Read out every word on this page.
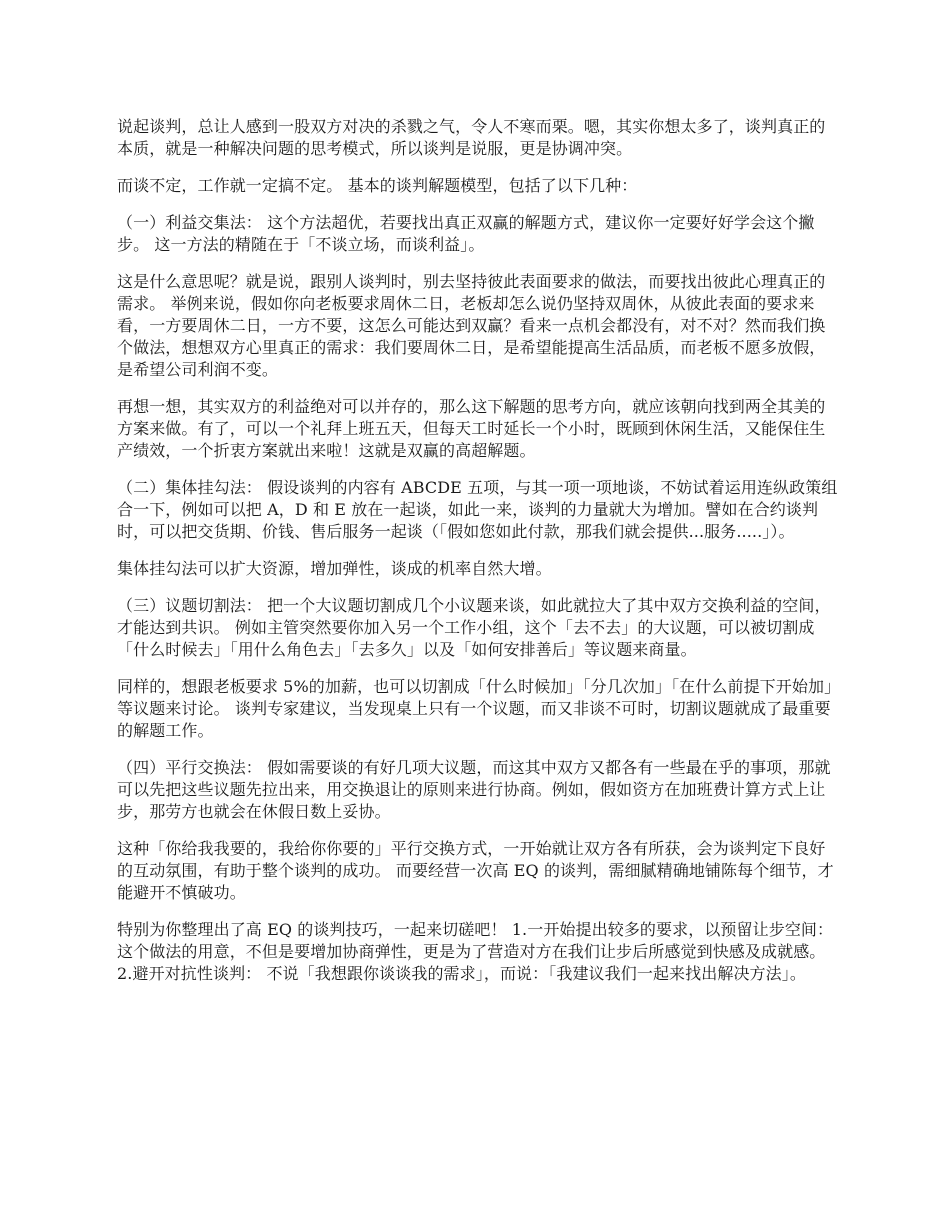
说起谈判，总让人感到一股双方对决的杀戮之气，令人不寒而栗。嗯，其实你想太多了，谈判真正的本质，就是一种解决问题的思考模式，所以谈判是说服，更是协调冲突。

而谈不定，工作就一定搞不定。 基本的谈判解题模型，包括了以下几种：

（一）利益交集法： 这个方法超优，若要找出真正双赢的解题方式，建议你一定要好好学会这个撇步。 这一方法的精随在于「不谈立场，而谈利益」。

这是什么意思呢？就是说，跟别人谈判时，别去坚持彼此表面要求的做法，而要找出彼此心理真正的需求。 举例来说，假如你向老板要求周休二日，老板却怎么说仍坚持双周休，从彼此表面的要求来看，一方要周休二日，一方不要，这怎么可能达到双赢？看来一点机会都没有，对不对？然而我们换个做法，想想双方心里真正的需求：我们要周休二日，是希望能提高生活品质，而老板不愿多放假， 是希望公司利润不变。

再想一想，其实双方的利益绝对可以并存的，那么这下解题的思考方向，就应该朝向找到两全其美的方案来做。有了，可以一个礼拜上班五天，但每天工时延长一个小时，既顾到休闲生活，又能保住生产绩效，一个折衷方案就出来啦！这就是双赢的高超解题。

（二）集体挂勾法： 假设谈判的内容有 ABCDE 五项，与其一项一项地谈，不妨试着运用连纵政策组合一下，例如可以把 A，D 和 E 放在一起谈，如此一来，谈判的力量就大为增加。譬如在合约谈判时，可以把交货期、价钱、售后服务一起谈（「假如您如此付款，那我们就会提供...服务.....」）。

集体挂勾法可以扩大资源，增加弹性，谈成的机率自然大增。

（三）议题切割法： 把一个大议题切割成几个小议题来谈，如此就拉大了其中双方交换利益的空间，才能达到共识。 例如主管突然要你加入另一个工作小组，这个「去不去」的大议题，可以被切割成「什么时候去」「用什么角色去」「去多久」以及「如何安排善后」等议题来商量。

同样的，想跟老板要求 5%的加薪，也可以切割成「什么时候加」「分几次加」「在什么前提下开始加」等议题来讨论。 谈判专家建议，当发现桌上只有一个议题，而又非谈不可时，切割议题就成了最重要的解题工作。

（四）平行交换法： 假如需要谈的有好几项大议题，而这其中双方又都各有一些最在乎的事项，那就可以先把这些议题先拉出来，用交换退让的原则来进行协商。例如，假如资方在加班费计算方式上让步，那劳方也就会在休假日数上妥协。

这种「你给我我要的，我给你你要的」平行交换方式，一开始就让双方各有所获，会为谈判定下良好的互动氛围，有助于整个谈判的成功。 而要经营一次高 EQ 的谈判，需细腻精确地铺陈每个细节，才能避开不慎破功。

特别为你整理出了高 EQ 的谈判技巧，一起来切磋吧！ 1.一开始提出较多的要求，以预留让步空间： 这个做法的用意，不但是要增加协商弹性，更是为了营造对方在我们让步后所感觉到快感及成就感。 2.避开对抗性谈判： 不说「我想跟你谈谈我的需求」，而说：「我建议我们一起来找出解决方法」。
